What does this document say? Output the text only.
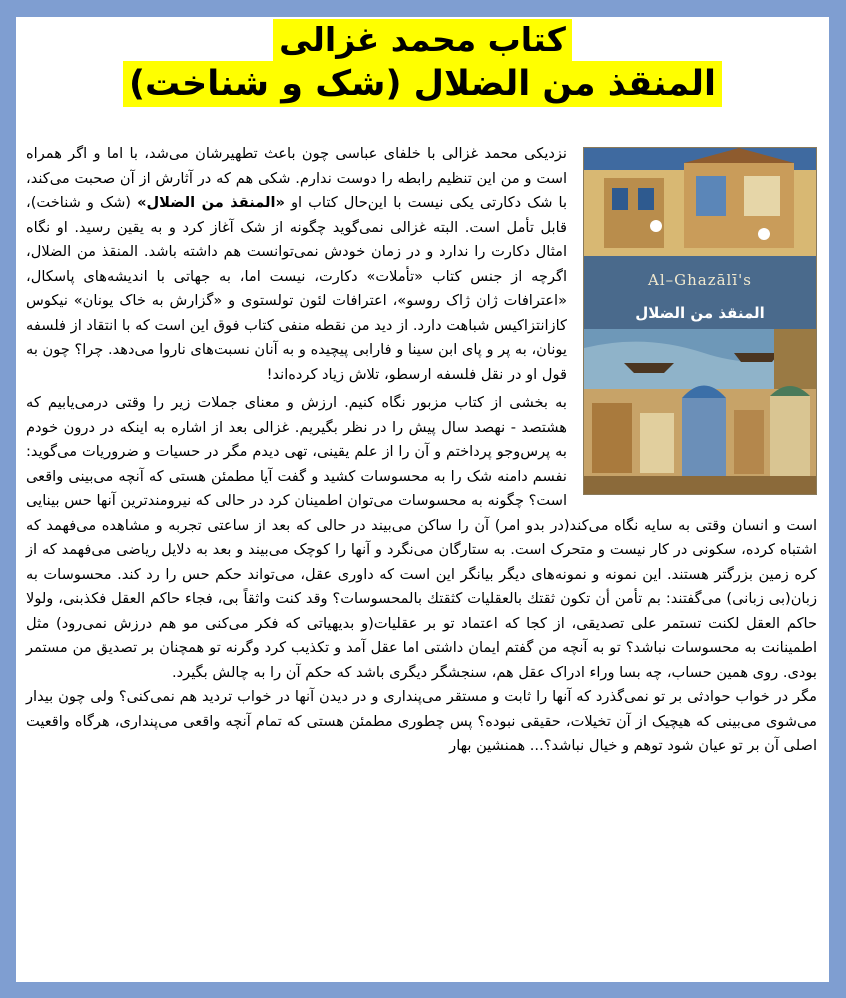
کتاب محمد غزالی
المنقذ من الضلال (شک و شناخت)
Al–Ghazālī's
المنقذ من الضلال

نزدیکی محمد غزالی با خلفای عباسی چون باعث تطهیرشان می‌شد، با اما و اگر همراه است و من این تنظیم رابطه را دوست ندارم. شکی هم که در آثارش از آن صحبت می‌کند، با شک دکارتی یکی نیست با این‌حال کتاب او «المنقذ من الضلال» (شک و شناخت)، قابل تأمل است. البته غزالی نمی‌گوید چگونه از شک آغاز کرد و به یقین رسید. او نگاه امثال دکارت را ندارد و در زمان خودش نمی‌توانست هم داشته باشد. المنقذ من الضلال، اگرچه از جنس کتاب «تأملات» دکارت، نیست اما، به جهاتی با اندیشه‌های پاسکال، «اعترافات ژان ژاک روسو»، اعترافات لئون تولستوی و «گزارش به خاک یونان» نیکوس کازانتزاکیس شباهت دارد. از دید من نقطه منفی کتاب فوق این است که با انتقاد از فلسفه یونان، به پر و پای ابن سینا و فارابی پیچیده و به آنان نسبت‌های ناروا می‌دهد. چرا؟ چون به قول او در نقل فلسفه ارسطو، تلاش زیاد کرده‌اند!

به بخشی از کتاب مزبور نگاه کنیم. ارزش و معنای جملات زیر را وقتی درمی‌یابیم که هشتصد - نهصد سال پیش را در نظر بگیریم. غزالی بعد از اشاره به اینکه در درون خودم به پرس‌وجو پرداختم و آن را از علم یقینی، تهی دیدم مگر در حسیات و ضروریات می‌گوید: نفسم دامنه شک را به محسوسات کشید و گفت آیا مطمئن هستی که آنچه می‌بینی واقعی است؟ چگونه به محسوسات می‌توان اطمینان کرد در حالی که نیرومندترین آنها حس بینایی است و انسان وقتی به سایه نگاه می‌کند(در بدو امر) آن را ساکن می‌بیند در حالی که بعد از ساعتی تجربه و مشاهده می‌فهمد که اشتباه کرده، سکونی در کار نیست و متحرک است. به ستارگان می‌نگرد و آنها را کوچک می‌بیند و بعد به دلایل ریاضی می‌فهمد که از کره زمین بزرگتر هستند. این نمونه و نمونه‌های دیگر بیانگر این است که داوری عقل، می‌تواند حکم حس را رد کند. محسوسات به زبان(بی زبانی) می‌گفتند: بم تأمن أن تكون ثقتك بالعقليات كثقتك بالمحسوسات؟ وقد كنت واثقاً بی، فجاء حاكم العقل فكذبنی، ولولا حاكم العقل لكنت تستمر علی تصديقی، از کجا که اعتماد تو بر عقلیات(و بدیهیاتی که فکر می‌کنی مو هم درزش نمی‌رود) مثل اطمینانت به محسوسات نباشد؟ تو به آنچه من گفتم ایمان داشتی اما عقل آمد و تکذیب کرد وگرنه تو همچنان بر تصدیق من مستمر بودی. روی همین حساب، چه بسا وراء ادراک عقل هم، سنجشگر دیگری باشد که حکم آن را به چالش بگیرد.

مگر در خواب حوادثی بر تو نمی‌گذرد که آنها را ثابت و مستقر می‌پنداری و در دیدن آنها در خواب تردید هم نمی‌کنی؟ ولی چون بیدار می‌شوی می‌بینی که هیچیک از آن تخیلات، حقیقی نبوده؟ پس چطوری مطمئن هستی که تمام آنچه واقعی می‌پنداری، هرگاه واقعیت اصلی آن بر تو عیان شود توهم و خیال نباشد؟... همنشین بهار
